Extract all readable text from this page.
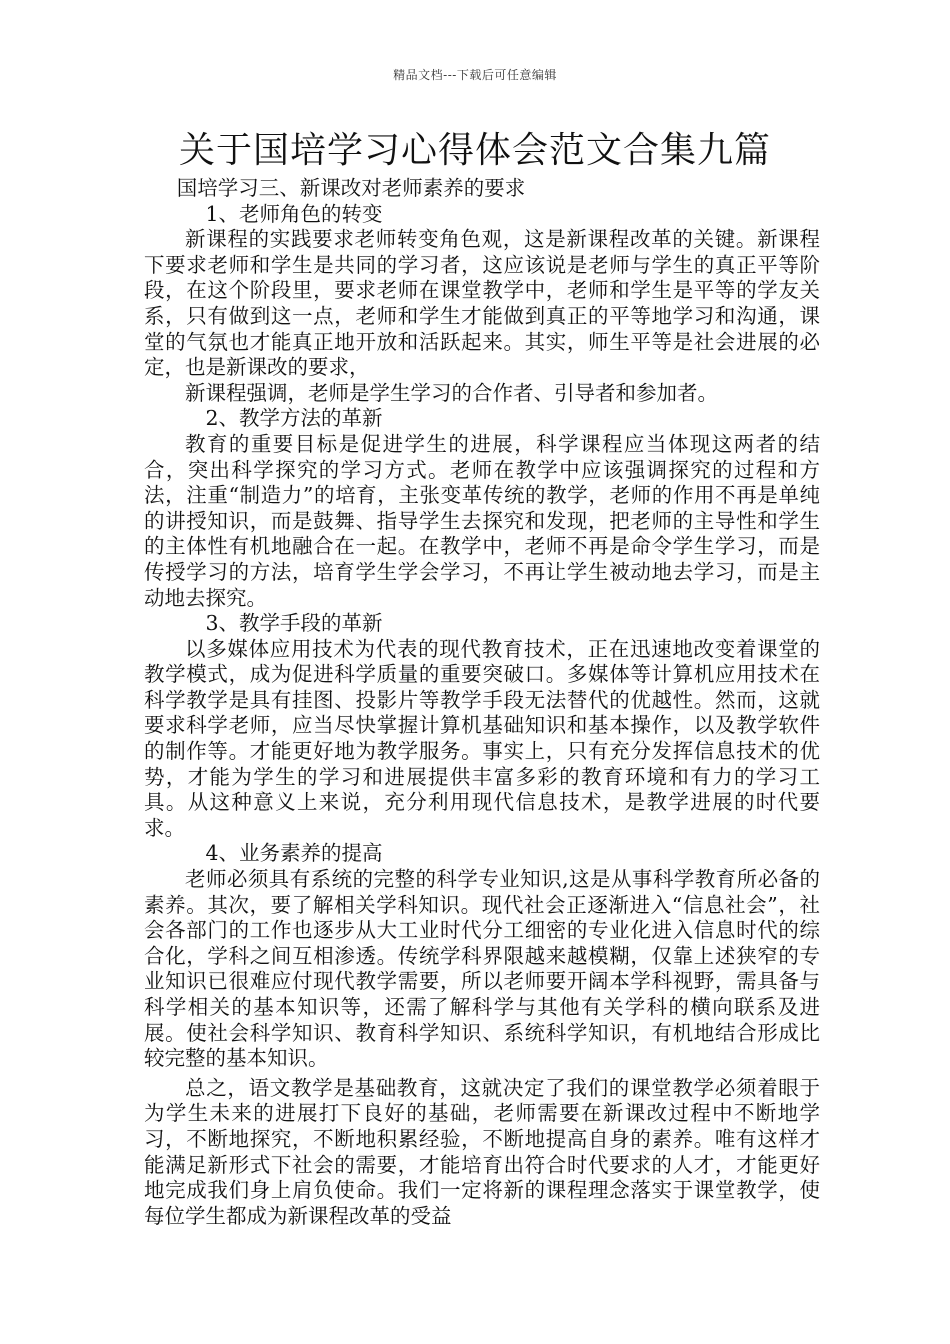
精品文档---下载后可任意编辑
关于国培学习心得体会范文合集九篇

国培学习三、新课改对老师素养的要求

1、老师角色的转变

新课程的实践要求老师转变角色观，这是新课程改革的关键。新课程下要求老师和学生是共同的学习者，这应该说是老师与学生的真正平等阶段，在这个阶段里，要求老师在课堂教学中，老师和学生是平等的学友关系，只有做到这一点，老师和学生才能做到真正的平等地学习和沟通，课堂的气氛也才能真正地开放和活跃起来。其实，师生平等是社会进展的必定，也是新课改的要求，

新课程强调，老师是学生学习的合作者、引导者和参加者。

2、教学方法的革新

教育的重要目标是促进学生的进展，科学课程应当体现这两者的结合，突出科学探究的学习方式。老师在教学中应该强调探究的过程和方法，注重“制造力”的培育，主张变革传统的教学，老师的作用不再是单纯的讲授知识，而是鼓舞、指导学生去探究和发现，把老师的主导性和学生的主体性有机地融合在一起。在教学中，老师不再是命令学生学习，而是传授学习的方法，培育学生学会学习，不再让学生被动地去学习，而是主动地去探究。

3、教学手段的革新

以多媒体应用技术为代表的现代教育技术，正在迅速地改变着课堂的教学模式，成为促进科学质量的重要突破口。多媒体等计算机应用技术在科学教学是具有挂图、投影片等教学手段无法替代的优越性。然而，这就要求科学老师，应当尽快掌握计算机基础知识和基本操作，以及教学软件的制作等。才能更好地为教学服务。事实上，只有充分发挥信息技术的优势，才能为学生的学习和进展提供丰富多彩的教育环境和有力的学习工具。从这种意义上来说，充分利用现代信息技术，是教学进展的时代要求。

4、业务素养的提高

老师必须具有系统的完整的科学专业知识,这是从事科学教育所必备的素养。其次，要了解相关学科知识。现代社会正逐渐进入“信息社会”，社会各部门的工作也逐步从大工业时代分工细密的专业化进入信息时代的综合化，学科之间互相渗透。传统学科界限越来越模糊，仅靠上述狭窄的专业知识已很难应付现代教学需要，所以老师要开阔本学科视野，需具备与科学相关的基本知识等，还需了解科学与其他有关学科的横向联系及进展。使社会科学知识、教育科学知识、系统科学知识，有机地结合形成比较完整的基本知识。

总之，语文教学是基础教育，这就决定了我们的课堂教学必须着眼于为学生未来的进展打下良好的基础，老师需要在新课改过程中不断地学习，不断地探究，不断地积累经验，不断地提高自身的素养。唯有这样才能满足新形式下社会的需要，才能培育出符合时代要求的人才，才能更好地完成我们身上肩负使命。我们一定将新的课程理念落实于课堂教学，使每位学生都成为新课程改革的受益
